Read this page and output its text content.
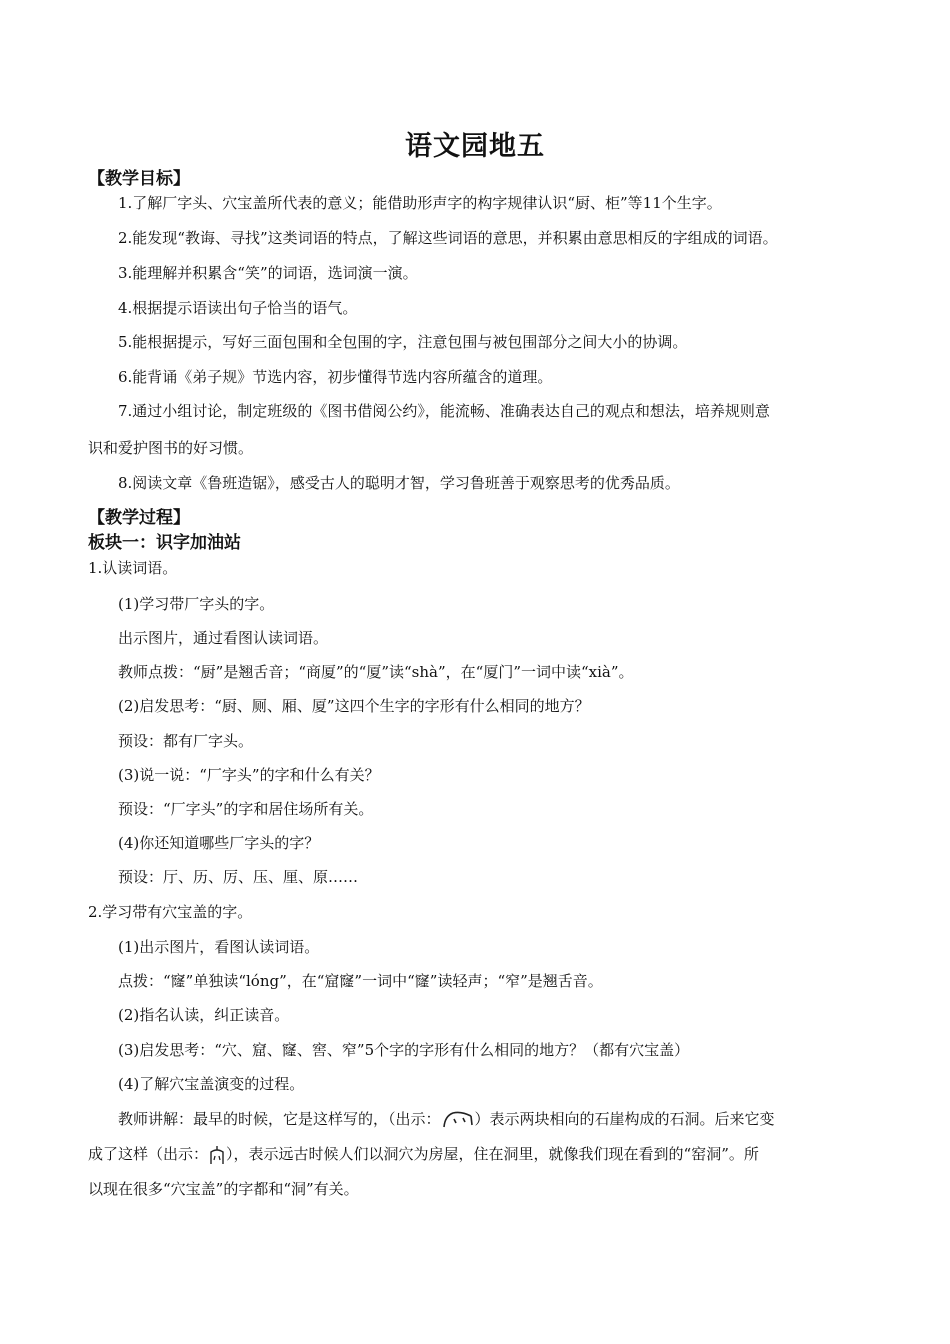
语文园地五
【教学目标】
1.了解厂字头、穴宝盖所代表的意义；能借助形声字的构字规律认识“厨、柜”等11个生字。
2.能发现“教诲、寻找”这类词语的特点，了解这些词语的意思，并积累由意思相反的字组成的词语。
3.能理解并积累含“笑”的词语，选词演一演。
4.根据提示语读出句子恰当的语气。
5.能根据提示，写好三面包围和全包围的字，注意包围与被包围部分之间大小的协调。
6.能背诵《弟子规》节选内容，初步懂得节选内容所蕴含的道理。
7.通过小组讨论，制定班级的《图书借阅公约》，能流畅、准确表达自己的观点和想法，培养规则意
识和爱护图书的好习惯。
8.阅读文章《鲁班造锯》，感受古人的聪明才智，学习鲁班善于观察思考的优秀品质。
【教学过程】
板块一：识字加油站
1.认读词语。
(1)学习带厂字头的字。
出示图片，通过看图认读词语。
教师点拨：“厨”是翘舌音；“商厦”的“厦”读“shà”，在“厦门”一词中读“xià”。
(2)启发思考：“厨、厕、厢、厦”这四个生字的字形有什么相同的地方？
预设：都有厂字头。
(3)说一说：“厂字头”的字和什么有关？
预设：“厂字头”的字和居住场所有关。
(4)你还知道哪些厂字头的字？
预设：厅、历、厉、压、厘、原……
2.学习带有穴宝盖的字。
(1)出示图片，看图认读词语。
点拨：“窿”单独读“lóng”，在“窟窿”一词中“窿”读轻声；“窄”是翘舌音。
(2)指名认读，纠正读音。
(3)启发思考：“穴、窟、窿、窖、窄”5个字的字形有什么相同的地方？（都有穴宝盖）
(4)了解穴宝盖演变的过程。
教师讲解：最早的时候，它是这样写的，（出示： ）表示两块相向的石崖构成的石洞。后来它变
成了这样（出示： ），表示远古时候人们以洞穴为房屋，住在洞里，就像我们现在看到的“窑洞”。所
以现在很多“穴宝盖”的字都和“洞”有关。
